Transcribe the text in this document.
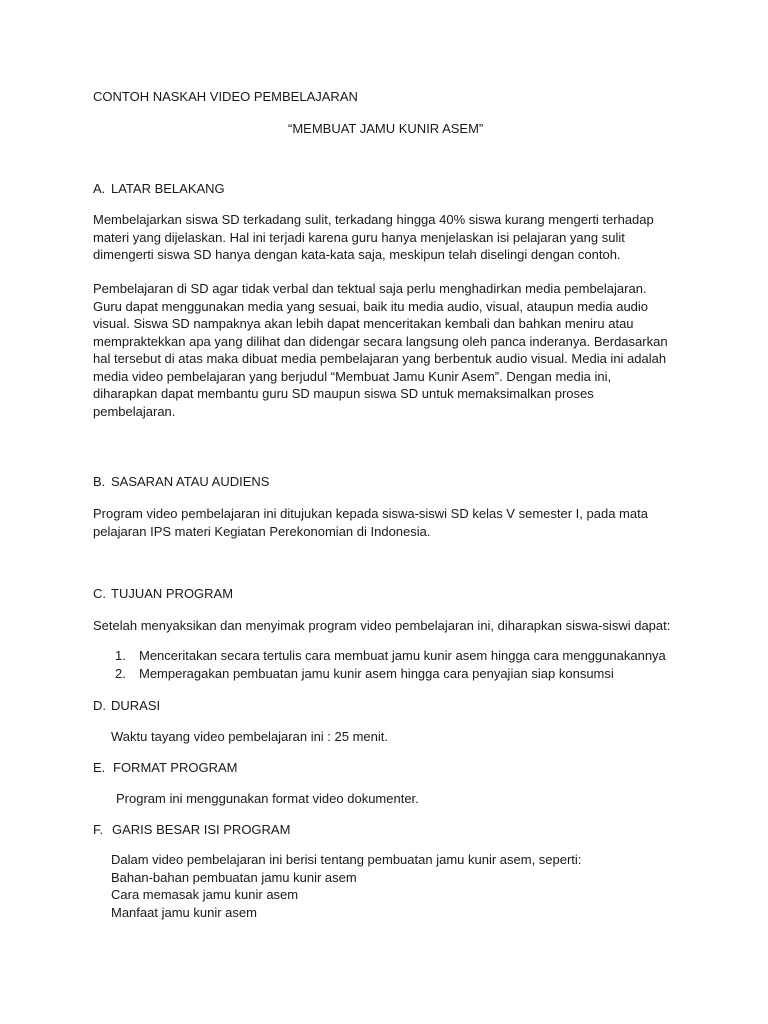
CONTOH NASKAH VIDEO PEMBELAJARAN
“MEMBUAT JAMU KUNIR ASEM”
A. LATAR BELAKANG
Membelajarkan siswa SD terkadang sulit, terkadang hingga 40% siswa kurang mengerti terhadap
materi yang dijelaskan. Hal ini terjadi karena guru hanya menjelaskan isi pelajaran yang sulit
dimengerti siswa SD hanya dengan kata-kata saja, meskipun telah diselingi dengan contoh.
Pembelajaran di SD agar tidak verbal dan tektual saja perlu menghadirkan media pembelajaran.
Guru dapat menggunakan media yang sesuai, baik itu media audio, visual, ataupun media audio
visual. Siswa SD nampaknya akan lebih dapat menceritakan kembali dan bahkan meniru atau
mempraktekkan apa yang dilihat dan didengar secara langsung oleh panca inderanya. Berdasarkan
hal tersebut di atas maka dibuat media pembelajaran yang berbentuk audio visual. Media ini adalah
media video pembelajaran yang berjudul “Membuat Jamu Kunir Asem”. Dengan media ini,
diharapkan dapat membantu guru SD maupun siswa SD untuk memaksimalkan proses
pembelajaran.
B. SASARAN ATAU AUDIENS
Program video pembelajaran ini ditujukan kepada siswa-siswi SD kelas V semester I, pada mata
pelajaran IPS materi Kegiatan Perekonomian di Indonesia.
C. TUJUAN PROGRAM
Setelah menyaksikan dan menyimak program video pembelajaran ini, diharapkan siswa-siswi dapat:
1. Menceritakan secara tertulis cara membuat jamu kunir asem hingga cara menggunakannya
2. Memperagakan pembuatan jamu kunir asem hingga cara penyajian siap konsumsi
D. DURASI
Waktu tayang video pembelajaran ini : 25 menit.
E. FORMAT PROGRAM
Program ini menggunakan format video dokumenter.
F. GARIS BESAR ISI PROGRAM
Dalam video pembelajaran ini berisi tentang pembuatan jamu kunir asem, seperti:
Bahan-bahan pembuatan jamu kunir asem
Cara memasak jamu kunir asem
Manfaat jamu kunir asem
